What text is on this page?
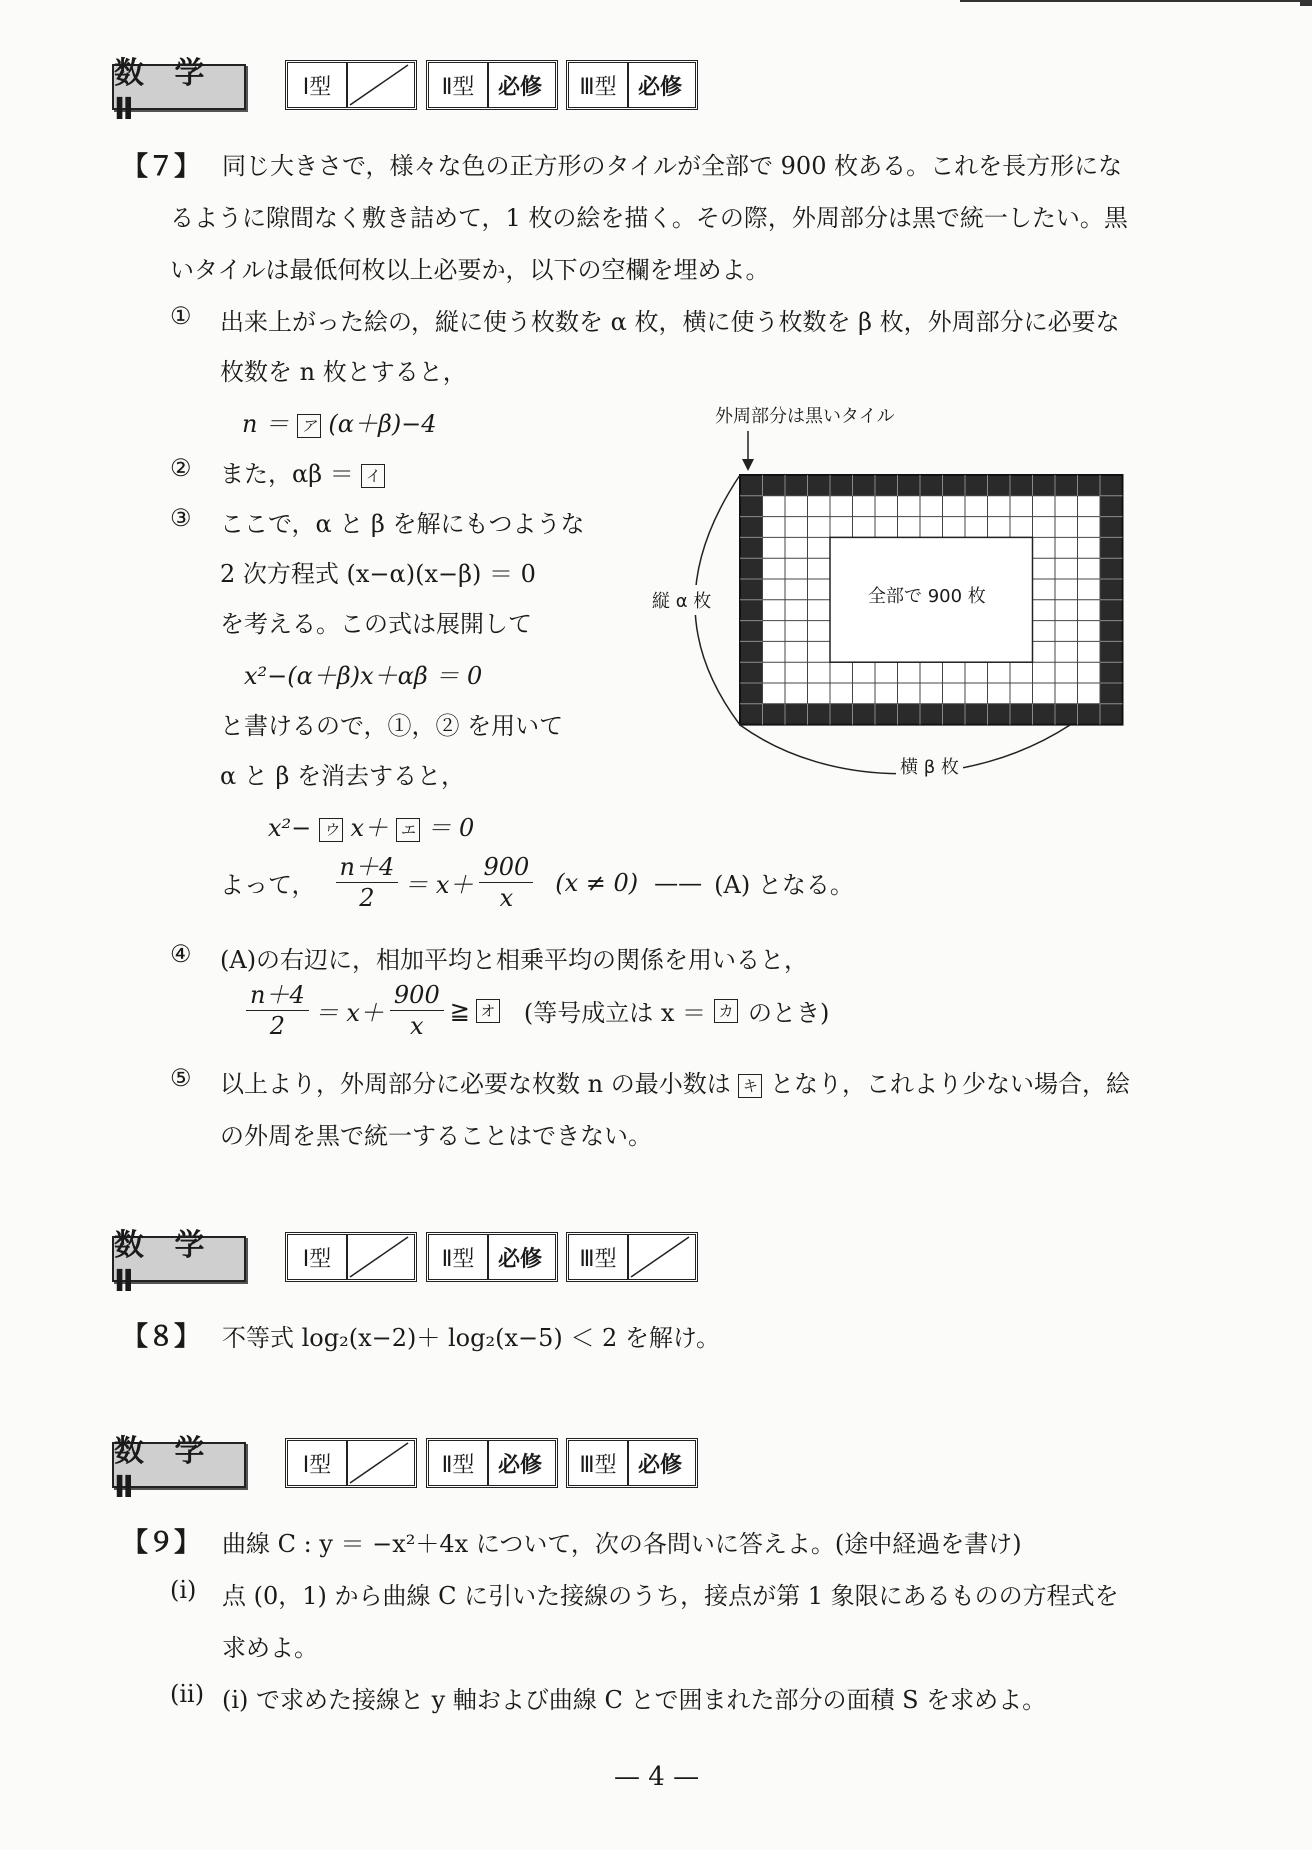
数 学 Ⅱ
Ⅰ型	Ⅱ型	必修	Ⅲ型 必修
【７】 同じ大きさで，様々な色の正方形のタイルが全部で 900 枚ある。これを長方形にな
るように隙間なく敷き詰めて，1 枚の絵を描く。その際，外周部分は黒で統一したい。黒
いタイルは最低何枚以上必要か，以下の空欄を埋めよ。
① 出来上がった絵の，縦に使う枚数を α 枚，横に使う枚数を β 枚，外周部分に必要な
枚数を n 枚とすると，
n ＝ ア (α＋β)−4
② また，αβ ＝ イ
③ ここで，α と β を解にもつような
2 次方程式 (x−α)(x−β) ＝ 0
を考える。この式は展開して
x²−(α＋β)x＋αβ ＝ 0
と書けるので，①，② を用いて
α と β を消去すると，
x²− ウ x＋ エ ＝ 0
よって， $\frac{n+4}{2} = x+ \frac{900}{x} (x \ne 0)$ —— (A) となる。
④ (A)の右辺に，相加平均と相乗平均の関係を用いると，
$\frac{n+4}{2} = x+ \frac{900}{x}$ ≧ オ (等号成立は x ＝ カ のとき)
⑤ 以上より，外周部分に必要な枚数 n の最小数は キ となり，これより少ない場合，絵
の外周を黒で統一することはできない。
外周部分は黒いタイル
全部で 900 枚
縦 α 枚
横 β 枚
数 学 Ⅱ
Ⅰ型	Ⅱ型	必修	Ⅲ型
【８】 不等式 log₂(x−2)＋ log₂(x−5) ＜ 2 を解け。
数 学 Ⅱ
Ⅰ型	Ⅱ型	必修	Ⅲ型 必修
【９】 曲線 C : y ＝ −x²＋4x について，次の各問いに答えよ。(途中経過を書け)
(i) 点 (0，1) から曲線 C に引いた接線のうち，接点が第 1 象限にあるものの方程式を
求めよ。
(ii) (i) で求めた接線と y 軸および曲線 C とで囲まれた部分の面積 S を求めよ。
— 4 —
